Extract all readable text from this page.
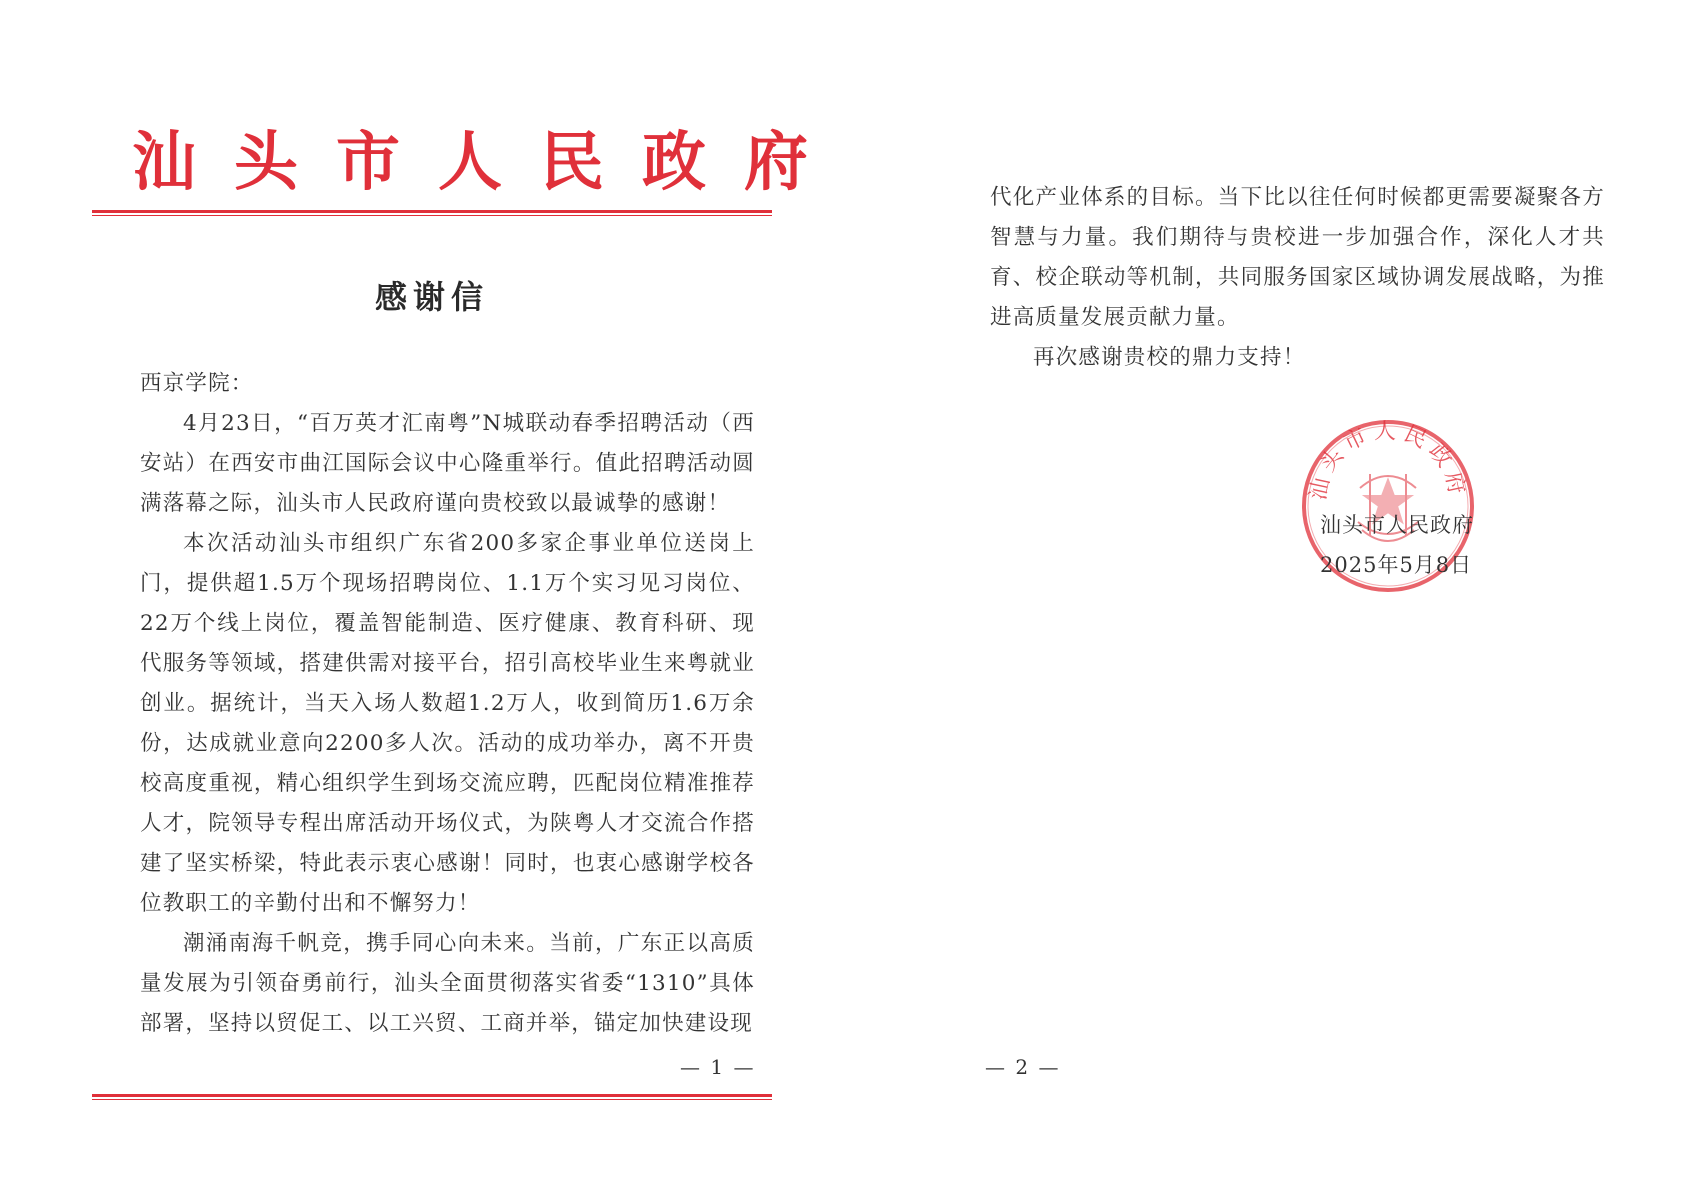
汕头市人民政府
感谢信

西京学院：

4月23日，“百万英才汇南粤”N城联动春季招聘活动（西安站）在西安市曲江国际会议中心隆重举行。值此招聘活动圆满落幕之际，汕头市人民政府谨向贵校致以最诚挚的感谢！

本次活动汕头市组织广东省200多家企事业单位送岗上门，提供超1.5万个现场招聘岗位、1.1万个实习见习岗位、22万个线上岗位，覆盖智能制造、医疗健康、教育科研、现代服务等领域，搭建供需对接平台，招引高校毕业生来粤就业创业。据统计，当天入场人数超1.2万人，收到简历1.6万余份，达成就业意向2200多人次。活动的成功举办，离不开贵校高度重视，精心组织学生到场交流应聘，匹配岗位精准推荐人才，院领导专程出席活动开场仪式，为陕粤人才交流合作搭建了坚实桥梁，特此表示衷心感谢！同时，也衷心感谢学校各位教职工的辛勤付出和不懈努力！

潮涌南海千帆竞，携手同心向未来。当前，广东正以高质量发展为引领奋勇前行，汕头全面贯彻落实省委“1310”具体部署，坚持以贸促工、以工兴贸、工商并举，锚定加快建设现

— 1 —

代化产业体系的目标。当下比以往任何时候都更需要凝聚各方智慧与力量。我们期待与贵校进一步加强合作，深化人才共育、校企联动等机制，共同服务国家区域协调发展战略，为推进高质量发展贡献力量。

再次感谢贵校的鼎力支持！

汕头市人民政府
汕头市人民政府
2025年5月8日
— 2 —
